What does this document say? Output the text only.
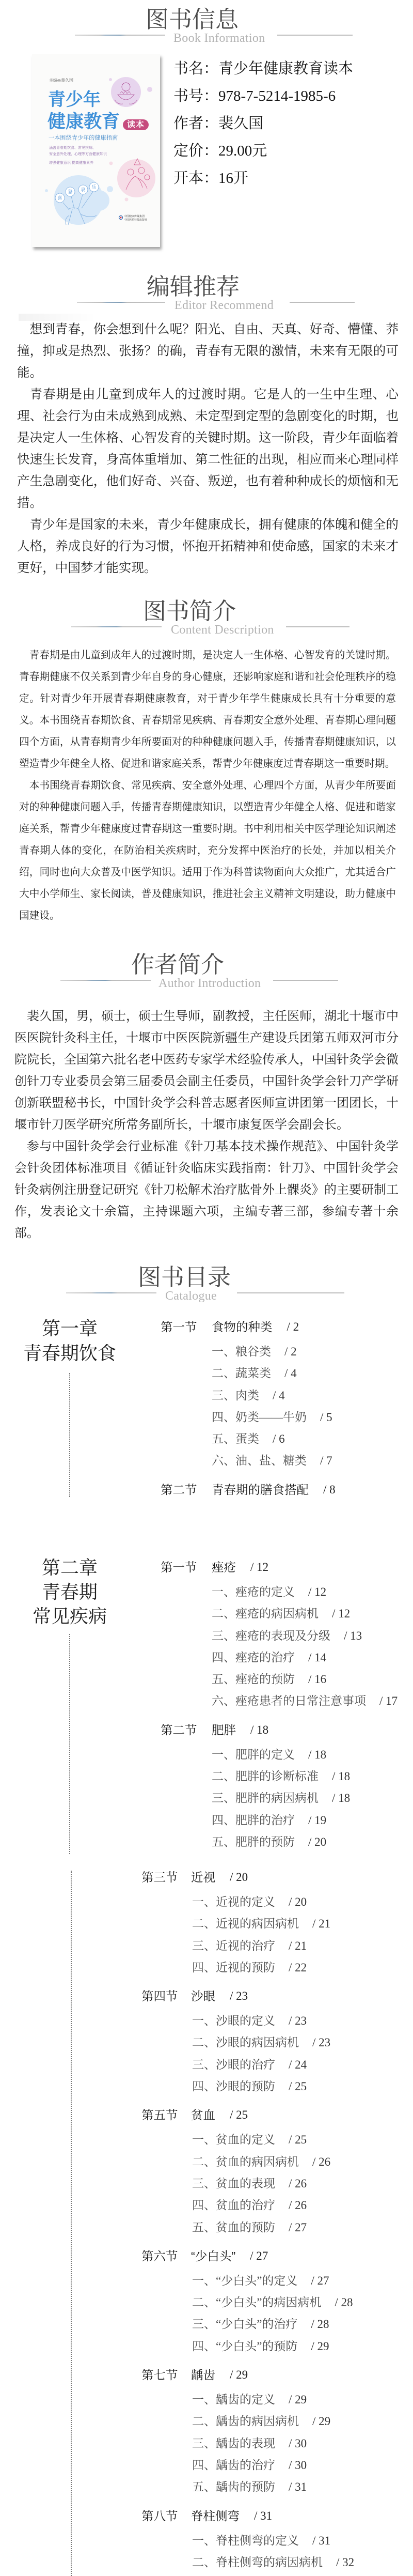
图书信息
Book Information
喜
怒 哀 乐
主编◎裴久国
青少年
健康教育 读本
一本围绕青少年的健康指南
涵盖青春期饮食、常见疾病、
安全意外处理、心理等方面健康知识
增强健康意识 提高健康素养
中国健康传媒集团
中国医药科技出版社
书名：青少年健康教育读本
书号：978-7-5214-1985-6
作者：裴久国
定价：29.00元
开本：16开
编辑推荐
Editor Recommend

想到青春，你会想到什么呢？阳光、自由、天真、好奇、懵懂、莽撞，抑或是热烈、张扬？的确，青春有无限的激情，未来有无限的可能。

青春期是由儿童到成年人的过渡时期。它是人的一生中生理、心理、社会行为由未成熟到成熟、未定型到定型的急剧变化的时期，也是决定人一生体格、心智发育的关键时期。这一阶段，青少年面临着快速生长发育，身高体重增加、第二性征的出现，相应而来心理同样产生急剧变化，他们好奇、兴奋、叛逆，也有着种种成长的烦恼和无措。

青少年是国家的未来，青少年健康成长，拥有健康的体魄和健全的人格，养成良好的行为习惯，怀抱开拓精神和使命感，国家的未来才更好，中国梦才能实现。

图书简介
Content Description

青春期是由儿童到成年人的过渡时期，是决定人一生体格、心智发育的关键时期。青春期健康不仅关系到青少年自身的身心健康，还影响家庭和谐和社会伦理秩序的稳定。针对青少年开展青春期健康教育，对于青少年学生健康成长具有十分重要的意义。本书围绕青春期饮食、青春期常见疾病、青春期安全意外处理、青春期心理问题四个方面，从青春期青少年所要面对的种种健康问题入手，传播青春期健康知识，以塑造青少年健全人格、促进和谐家庭关系，帮青少年健康度过青春期这一重要时期。

本书围绕青春期饮食、常见疾病、安全意外处理、心理四个方面，从青少年所要面对的种种健康问题入手，传播青春期健康知识，以塑造青少年健全人格、促进和谐家庭关系，帮青少年健康度过青春期这一重要时期。书中利用相关中医学理论知识阐述青春期人体的变化，在防治相关疾病时，充分发挥中医治疗的长处，并加以相关介绍，同时也向大众普及中医学知识。适用于作为科普读物面向大众推广，尤其适合广大中小学师生、家长阅读，普及健康知识，推进社会主义精神文明建设，助力健康中国建设。

作者简介
Author Introduction

裴久国，男，硕士，硕士生导师，副教授，主任医师，湖北十堰市中医医院针灸科主任，十堰市中医医院新疆生产建设兵团第五师双河市分院院长，全国第六批名老中医药专家学术经验传承人，中国针灸学会微创针刀专业委员会第三届委员会副主任委员，中国针灸学会针刀产学研创新联盟秘书长，中国针灸学会科普志愿者医师宣讲团第一团团长，十堰市针刀医学研究所常务副所长，十堰市康复医学会副会长。

参与中国针灸学会行业标准《针刀基本技术操作规范》、中国针灸学会针灸团体标准项目《循证针灸临床实践指南：针刀》、中国针灸学会针灸病例注册登记研究《针刀松解术治疗肱骨外上髁炎》的主要研制工作，发表论文十余篇，主持课题六项，主编专著三部，参编专著十余部。

图书目录
Catalogue
第一章
青春期饮食
第一节	食物的种类 / 2
一、粮谷类 / 2
二、蔬菜类 / 4
三、肉类 / 4
四、奶类——牛奶 / 5
五、蛋类 / 6
六、油、盐、糖类 / 7
第二节	青春期的膳食搭配 / 8
第二章
青春期
常见疾病
第一节	痤疮 / 12
一、痤疮的定义 / 12
二、痤疮的病因病机 / 12
三、痤疮的表现及分级 / 13
四、痤疮的治疗 / 14
五、痤疮的预防 / 16
六、痤疮患者的日常注意事项 / 17
第二节	肥胖 / 18
一、肥胖的定义 / 18
二、肥胖的诊断标准 / 18
三、肥胖的病因病机 / 18
四、肥胖的治疗 / 19
五、肥胖的预防 / 20
第三节	近视 / 20
一、近视的定义 / 20
二、近视的病因病机 / 21
三、近视的治疗 / 21
四、近视的预防 / 22
第四节	沙眼 / 23
一、沙眼的定义 / 23
二、沙眼的病因病机 / 23
三、沙眼的治疗 / 24
四、沙眼的预防 / 25
第五节	贫血 / 25
一、贫血的定义 / 25
二、贫血的病因病机 / 26
三、贫血的表现 / 26
四、贫血的治疗 / 26
五、贫血的预防 / 27
第六节	“少白头” / 27
一、“少白头”的定义 / 27
二、“少白头”的病因病机 / 28
三、“少白头”的治疗 / 28
四、“少白头”的预防 / 29
第七节	龋齿 / 29
一、龋齿的定义 / 29
二、龋齿的病因病机 / 29
三、龋齿的表现 / 30
四、龋齿的治疗 / 30
五、龋齿的预防 / 31
第八节	脊柱侧弯 / 31
一、脊柱侧弯的定义 / 31
二、脊柱侧弯的病因病机 / 32
